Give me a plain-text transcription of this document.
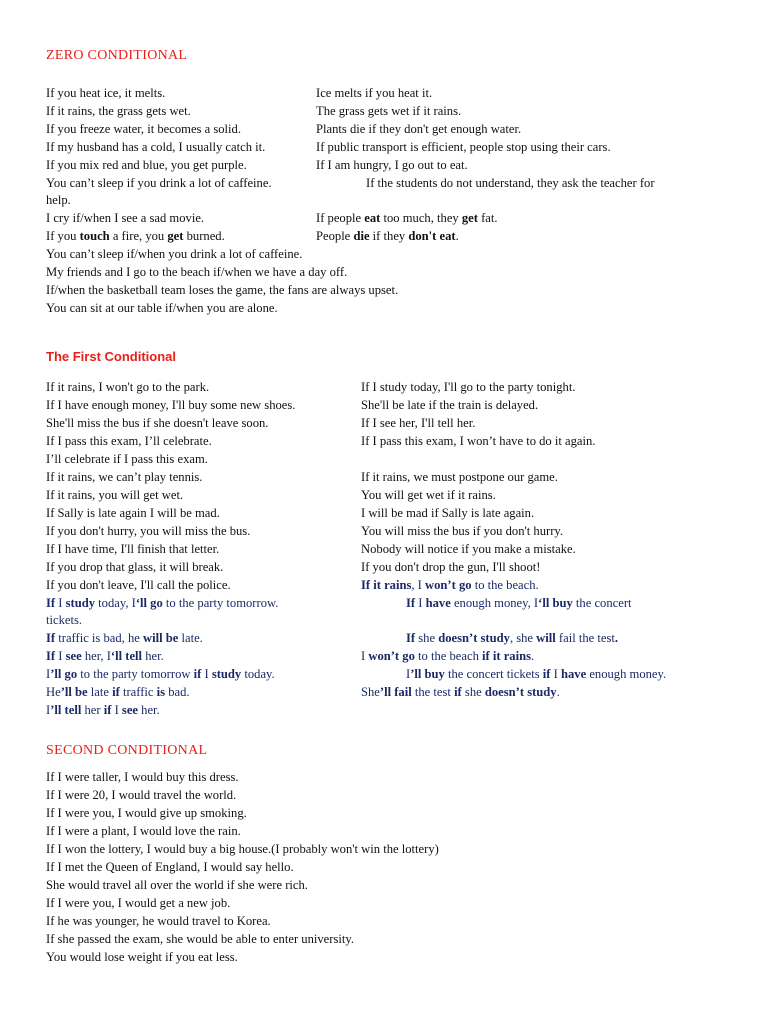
ZERO CONDITIONAL
If you heat ice, it melts.
If it rains, the grass gets wet.
If you freeze water, it becomes a solid.
If my husband has a cold, I usually catch it.
If you mix red and blue, you get purple.
You can’t sleep if you drink a lot of caffeine.
help.
I cry if/when I see a sad movie.
If you touch a fire, you get burned.
You can’t sleep if/when you drink a lot of caffeine.
My friends and I go to the beach if/when we have a day off.
If/when the basketball team loses the game, the fans are always upset.
You can sit at our table if/when you are alone.
Ice melts if you heat it.
The grass gets wet if it rains.
Plants die if they don't get enough water.
If public transport is efficient, people stop using their cars.
If I am hungry, I go out to eat.
If the students do not understand, they ask the teacher for
If people eat too much, they get fat.
People die if they don't eat.
The First Conditional
If it rains, I won't go to the park.
If I have enough money, I'll buy some new shoes.
She'll miss the bus if she doesn't leave soon.
If I pass this exam, I’ll celebrate.
I’ll celebrate if I pass this exam.
If it rains, we can’t play tennis.
If it rains, you will get wet.
If Sally is late again I will be mad.
If you don't hurry, you will miss the bus.
If I have time, I'll finish that letter.
If you drop that glass, it will break.
If you don't leave, I'll call the police.
If I study today, I‘ll go to the party tomorrow.
tickets.
If traffic is bad, he will be late.
If I see her, I‘ll tell her.
I’ll go to the party tomorrow if I study today.
He’ll be late if traffic is bad.
I’ll tell her if I see her.
If I study today, I'll go to the party tonight.
She'll be late if the train is delayed.
If I see her, I'll tell her.
If I pass this exam, I won’t have to do it again.
If it rains, we must postpone our game.
You will get wet if it rains.
I will be mad if Sally is late again.
You will miss the bus if you don't hurry.
Nobody will notice if you make a mistake.
If you don't drop the gun, I'll shoot!
If it rains, I won’t go to the beach.
If I have enough money, I‘ll buy the concert
If she doesn’t study, she will fail the test.
I won’t go to the beach if it rains.
I’ll buy the concert tickets if I have enough money.
She’ll fail the test if she doesn’t study.
SECOND CONDITIONAL
If I were taller, I would buy this dress.
If I were 20, I would travel the world.
If I were you, I would give up smoking.
If I were a plant, I would love the rain.
If I won the lottery, I would buy a big house.(I probably won't win the lottery)
If I met the Queen of England, I would say hello.
She would travel all over the world if she were rich.
If I were you, I would get a new job.
If he was younger, he would travel to Korea.
If she passed the exam, she would be able to enter university.
You would lose weight if you eat less.
